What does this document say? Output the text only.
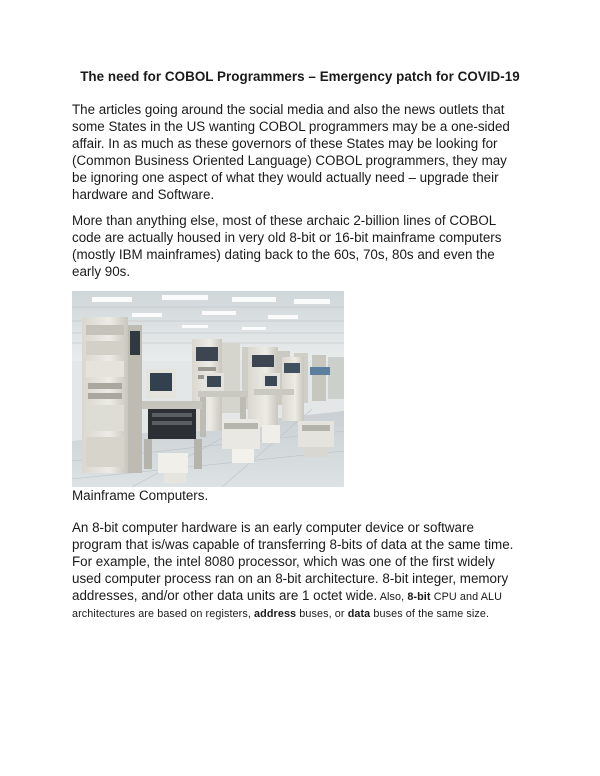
The need for COBOL Programmers – Emergency patch for COVID-19

The articles going around the social media and also the news outlets that
some States in the US wanting COBOL programmers may be a one-sided
affair. In as much as these governors of these States may be looking for
(Common Business Oriented Language) COBOL programmers, they may
be ignoring one aspect of what they would actually need – upgrade their
hardware and Software.

More than anything else, most of these archaic 2-billion lines of COBOL
code are actually housed in very old 8-bit or 16-bit mainframe computers
(mostly IBM mainframes) dating back to the 60s, 70s, 80s and even the
early 90s.

Mainframe Computers.

An 8-bit computer hardware is an early computer device or software
program that is/was capable of transferring 8-bits of data at the same time.
For example, the intel 8080 processor, which was one of the first widely
used computer process ran on an 8-bit architecture. 8-bit integer, memory
addresses, and/or other data units are 1 octet wide. Also, 8-bit CPU and ALU
architectures are based on registers, address buses, or data buses of the same size.
